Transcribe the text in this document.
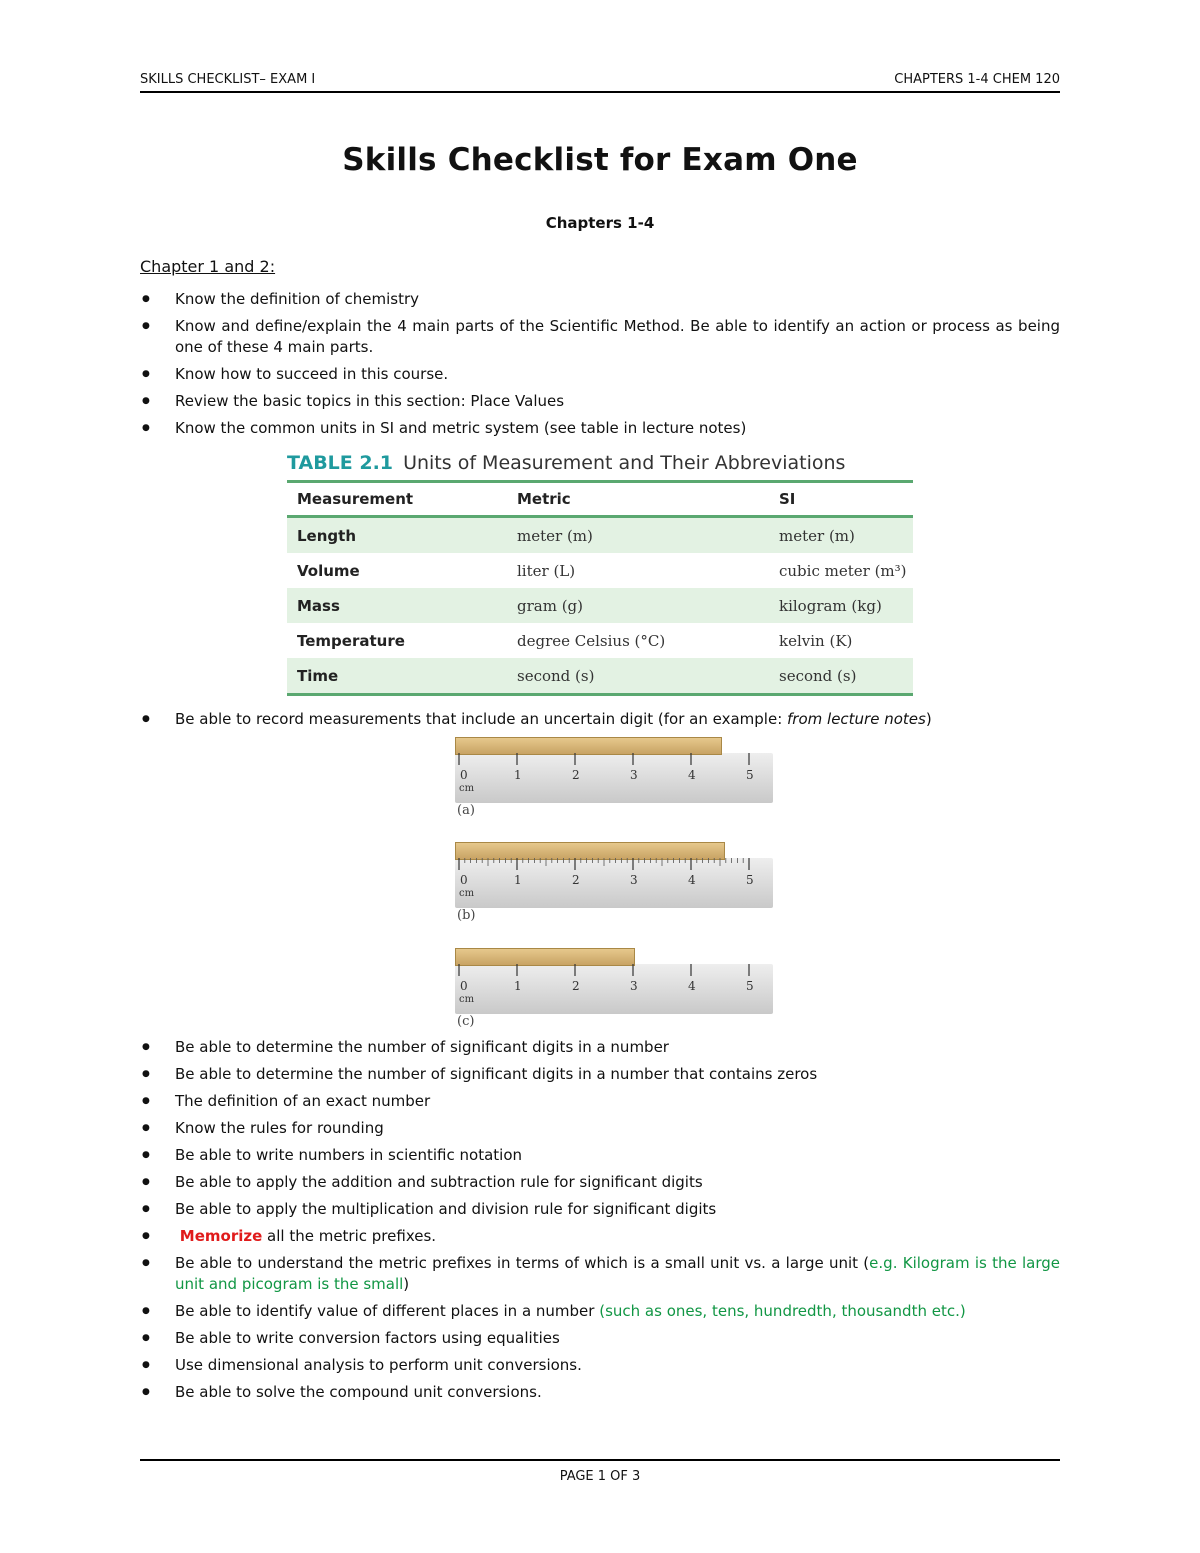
SKILLS CHECKLIST– EXAM I	CHAPTERS 1-4 CHEM 120
Skills Checklist for Exam One
Chapters 1-4
Chapter 1 and 2:
● Know the definition of chemistry
● Know and define/explain the 4 main parts of the Scientific Method. Be able to identify an action or process as being one of these 4 main parts.
● Know how to succeed in this course.
● Review the basic topics in this section: Place Values
● Know the common units in SI and metric system (see table in lecture notes)
TABLE 2.1 Units of Measurement and Their Abbreviations
Measurement	Metric	SI
Length	meter (m)	meter (m)
Volume	liter (L)	cubic meter (m³)
Mass	gram (g)	kilogram (kg)
Temperature	degree Celsius (°C)	kelvin (K)
Time	second (s)	second (s)
● Be able to record measurements that include an uncertain digit (for an example: from lecture notes)
0	1	2	3	4	5
cm
(a)
0	1	2	3	4	5
cm
(b)
0	1	2	3	4	5
cm
(c)
● Be able to determine the number of significant digits in a number
● Be able to determine the number of significant digits in a number that contains zeros
● The definition of an exact number
● Know the rules for rounding
● Be able to write numbers in scientific notation
● Be able to apply the addition and subtraction rule for significant digits
● Be able to apply the multiplication and division rule for significant digits
● Memorize all the metric prefixes.
● Be able to understand the metric prefixes in terms of which is a small unit vs. a large unit (e.g. Kilogram is the large unit and picogram is the small)
● Be able to identify value of different places in a number (such as ones, tens, hundredth, thousandth etc.)
● Be able to write conversion factors using equalities
● Use dimensional analysis to perform unit conversions.
● Be able to solve the compound unit conversions.
PAGE 1 OF 3
